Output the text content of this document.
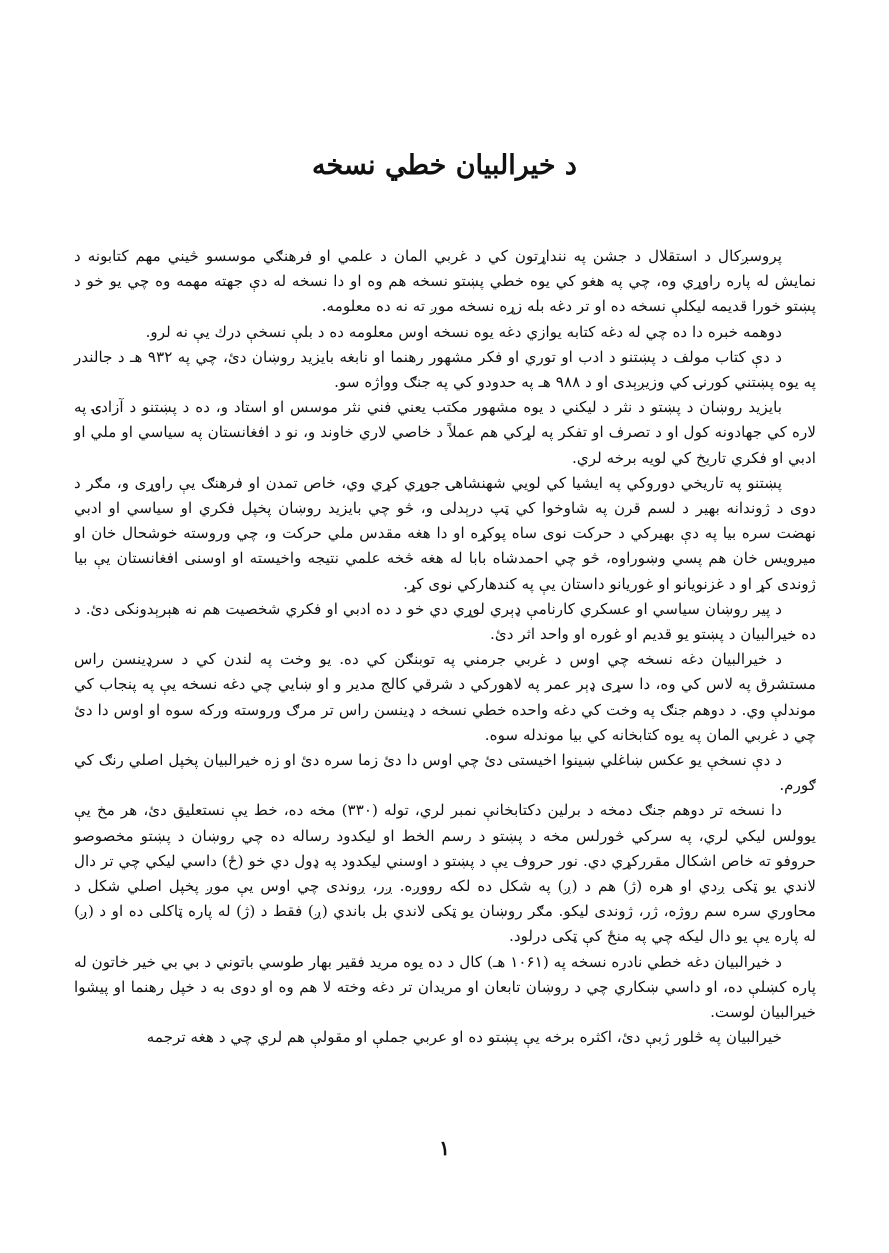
د خيرالبيان خطي نسخه

پروسږکال د استقلال د جشن په ننداړتون کي د غربي المان د علمي او فرهنګي موسسو څيني مهم کتابونه د نمايش له پاره راوړي وه، چي په هغو کي يوه خطي پښتو نسخه هم وه او دا نسخه له دې جهته مهمه وه چي يو خو د پښتو خورا قديمه ليکلې نسخه ده او تر دغه بله زړه نسخه موږ ته نه ده معلومه.

دوهمه خبره دا ده چي له دغه کتابه يوازي دغه يوه نسخه اوس معلومه ده د بلې نسخې درك يې نه لرو.

د دې کتاب مولف د پښتنو د ادب او توري او فکر مشهور رهنما او نابغه بايزيد روښان دئ، چي په ۹۳۲ هـ د جالندر په يوه پښتني کورنۍ کي وزيږېدی او د ۹۸۸ هـ په حدودو کي په جنګ وواژه سو.

بايزيد روښان د پښتو د نثر د ليکني د يوه مشهور مکتب يعني فني نثر موسس او استاد و، ده د پښتنو د آزادۍ په لاره کي جهادونه کول او د تصرف او تفکر په لړکي هم عملاً د خاصي لاري خاوند و، نو د افغانستان په سياسي او ملي او ادبي او فکري تاريخ کي لويه برخه لري.

پښتنو په تاريخي دوروکي په ايشيا کي لويي شهنشاهۍ جوړي کړي وي، خاص تمدن او فرهنګ يې راوړی و، مګر د دوی د ژوندانه بهير د لسم قرن په شاوخوا کي ټپ درېدلی و، څو چي بايزيد روښان پخپل فکري او سياسي او ادبي نهضت سره بيا په دې بهيرکي د حرکت نوی ساه پوکړه او دا هغه مقدس ملي حرکت و، چي وروسته خوشحال خان او ميرويس خان هم پسي وښوراوه، څو چي احمدشاه بابا له هغه څخه علمي نتيجه واخيسته او اوسنی افغانستان يې بيا ژوندی کړ او د غزنويانو او غوريانو داستان يې په کندهارکي نوی کړ.

د پير روښان سياسي او عسکري کارنامې ډېري لوړي دي خو د ده ادبي او فکري شخصيت هم نه هېرېدونکی دئ. د ده خيرالبيان د پښتو يو قديم او غوره او واحد اثر دئ.

د خيرالبيان دغه نسخه چي اوس د غربي جرمني په توبنګن کي ده. يو وخت په لندن کي د سرډينسن راس مستشرق په لاس کي وه، دا سړی ډېر عمر په لاهورکي د شرقي کالج مدير و او ښايي چي دغه نسخه يې په پنجاب کي موندلې وي. د دوهم جنګ په وخت کي دغه واحده خطي نسخه د ډينسن راس تر مرګ وروسته ورکه سوه او اوس دا دئ چي د غربي المان په يوه کتابخانه کي بيا موندله سوه.

د دې نسخې يو عکس ښاغلي ښينوا اخيستی دئ چي اوس دا دئ زما سره دئ او زه خيرالبيان پخپل اصلي رنګ کي ګورم.

دا نسخه تر دوهم جنګ دمخه د برلين دکتابخانې نمبر لري، توله (۳۳۰) مخه ده، خط يې نستعليق دئ، هر مخ يې يوولس ليکي لري، په سرکي څورلس مخه د پښتو د رسم الخط او ليکدود رساله ده چي روښان د پښتو مخصوصو حروفو ته خاص اشکال مقررکړي دي. نور حروف يې د پښتو د اوسني ليکدود په ډول دي خو (ځ) داسي ليکي چي تر دال لاندي يو ټکی ږدي او هره (ژ) هم د (ږ) په شکل ده لکه رووږه. ږر، ږوندی چي اوس يې موږ پخپل اصلي شکل د محاوري سره سم روژه، ژر، ژوندی ليکو. مګر روښان يو ټکی لاندي بل باندي (ږ) فقط د (ژ) له پاره ټاکلی ده او د (ږ) له پاره يې يو دال ليکه چي په منځ کې ټکی درلود.

د خيرالبيان دغه خطي نادره نسخه په (۱۰۶۱ هـ) کال د ده يوه مريد فقير بهار طوسي باتوني د بي بي خير خاتون له پاره کښلې ده، او داسي ښکاري چي د روښان تابعان او مريدان تر دغه وخته لا هم وه او دوی به د خپل رهنما او پيشوا خيرالبيان لوست.

خيرالبيان په څلور ژبې دئ، اکثره برخه يې پښتو ده او عربي جملې او مقولې هم لري چي د هغه ترجمه

۱
